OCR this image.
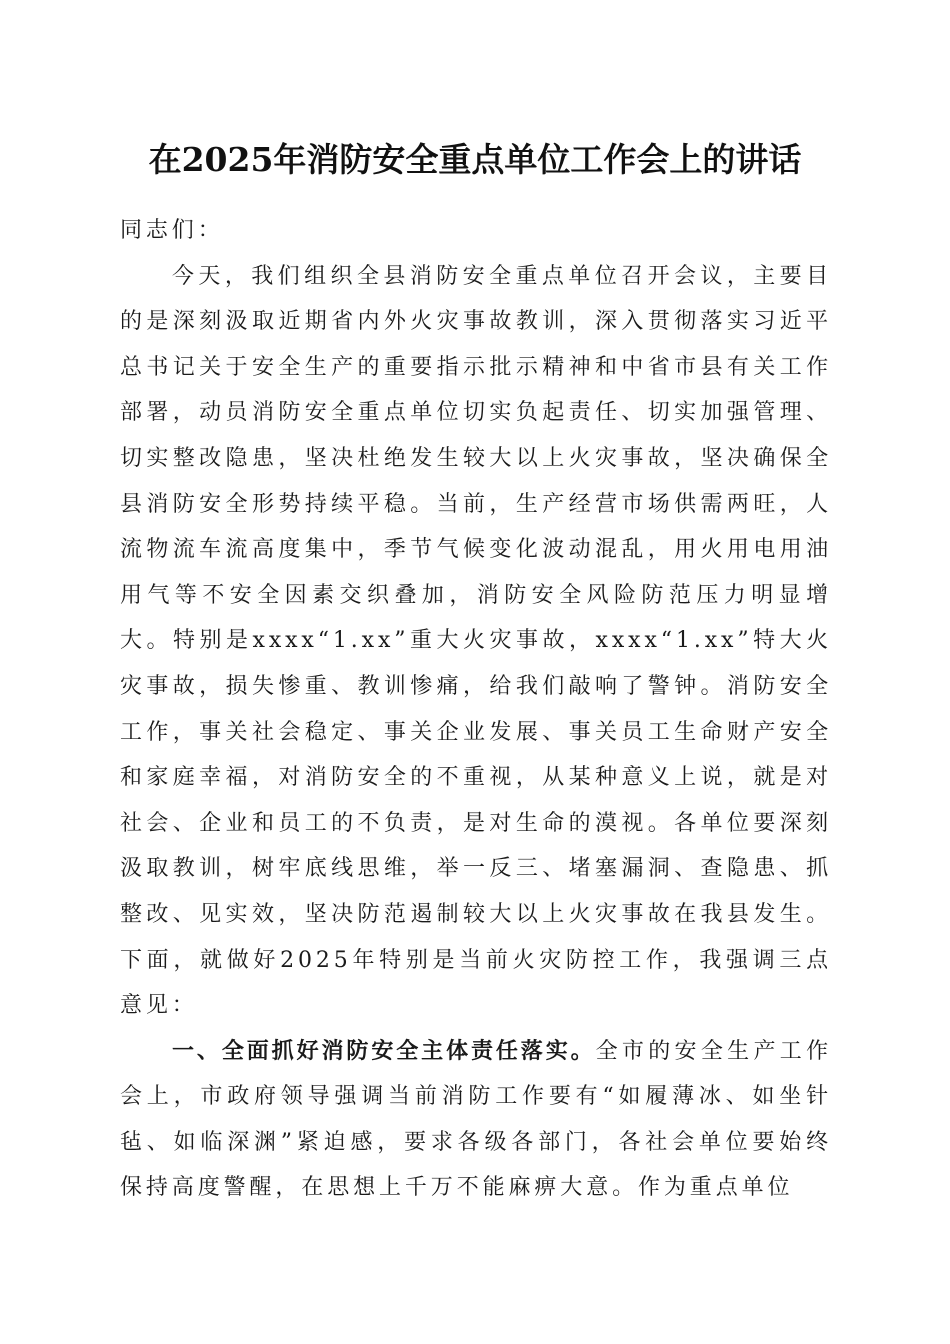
在2025年消防安全重点单位工作会上的讲话

同志们：

今天，我们组织全县消防安全重点单位召开会议，主要目的是深刻汲取近期省内外火灾事故教训，深入贯彻落实习近平总书记关于安全生产的重要指示批示精神和中省市县有关工作部署，动员消防安全重点单位切实负起责任、切实加强管理、切实整改隐患，坚决杜绝发生较大以上火灾事故，坚决确保全县消防安全形势持续平稳。当前，生产经营市场供需两旺，人流物流车流高度集中，季节气候变化波动混乱，用火用电用油用气等不安全因素交织叠加，消防安全风险防范压力明显增大。特别是xxxx“1.xx”重大火灾事故，xxxx“1.xx”特大火灾事故，损失惨重、教训惨痛，给我们敲响了警钟。消防安全工作，事关社会稳定、事关企业发展、事关员工生命财产安全和家庭幸福，对消防安全的不重视，从某种意义上说，就是对社会、企业和员工的不负责，是对生命的漠视。各单位要深刻汲取教训，树牢底线思维，举一反三、堵塞漏洞、查隐患、抓整改、见实效，坚决防范遏制较大以上火灾事故在我县发生。下面，就做好2025年特别是当前火灾防控工作，我强调三点意见：

一、全面抓好消防安全主体责任落实。全市的安全生产工作会上，市政府领导强调当前消防工作要有“如履薄冰、如坐针毡、如临深渊”紧迫感，要求各级各部门，各社会单位要始终保持高度警醒，在思想上千万不能麻痹大意。作为重点单位
